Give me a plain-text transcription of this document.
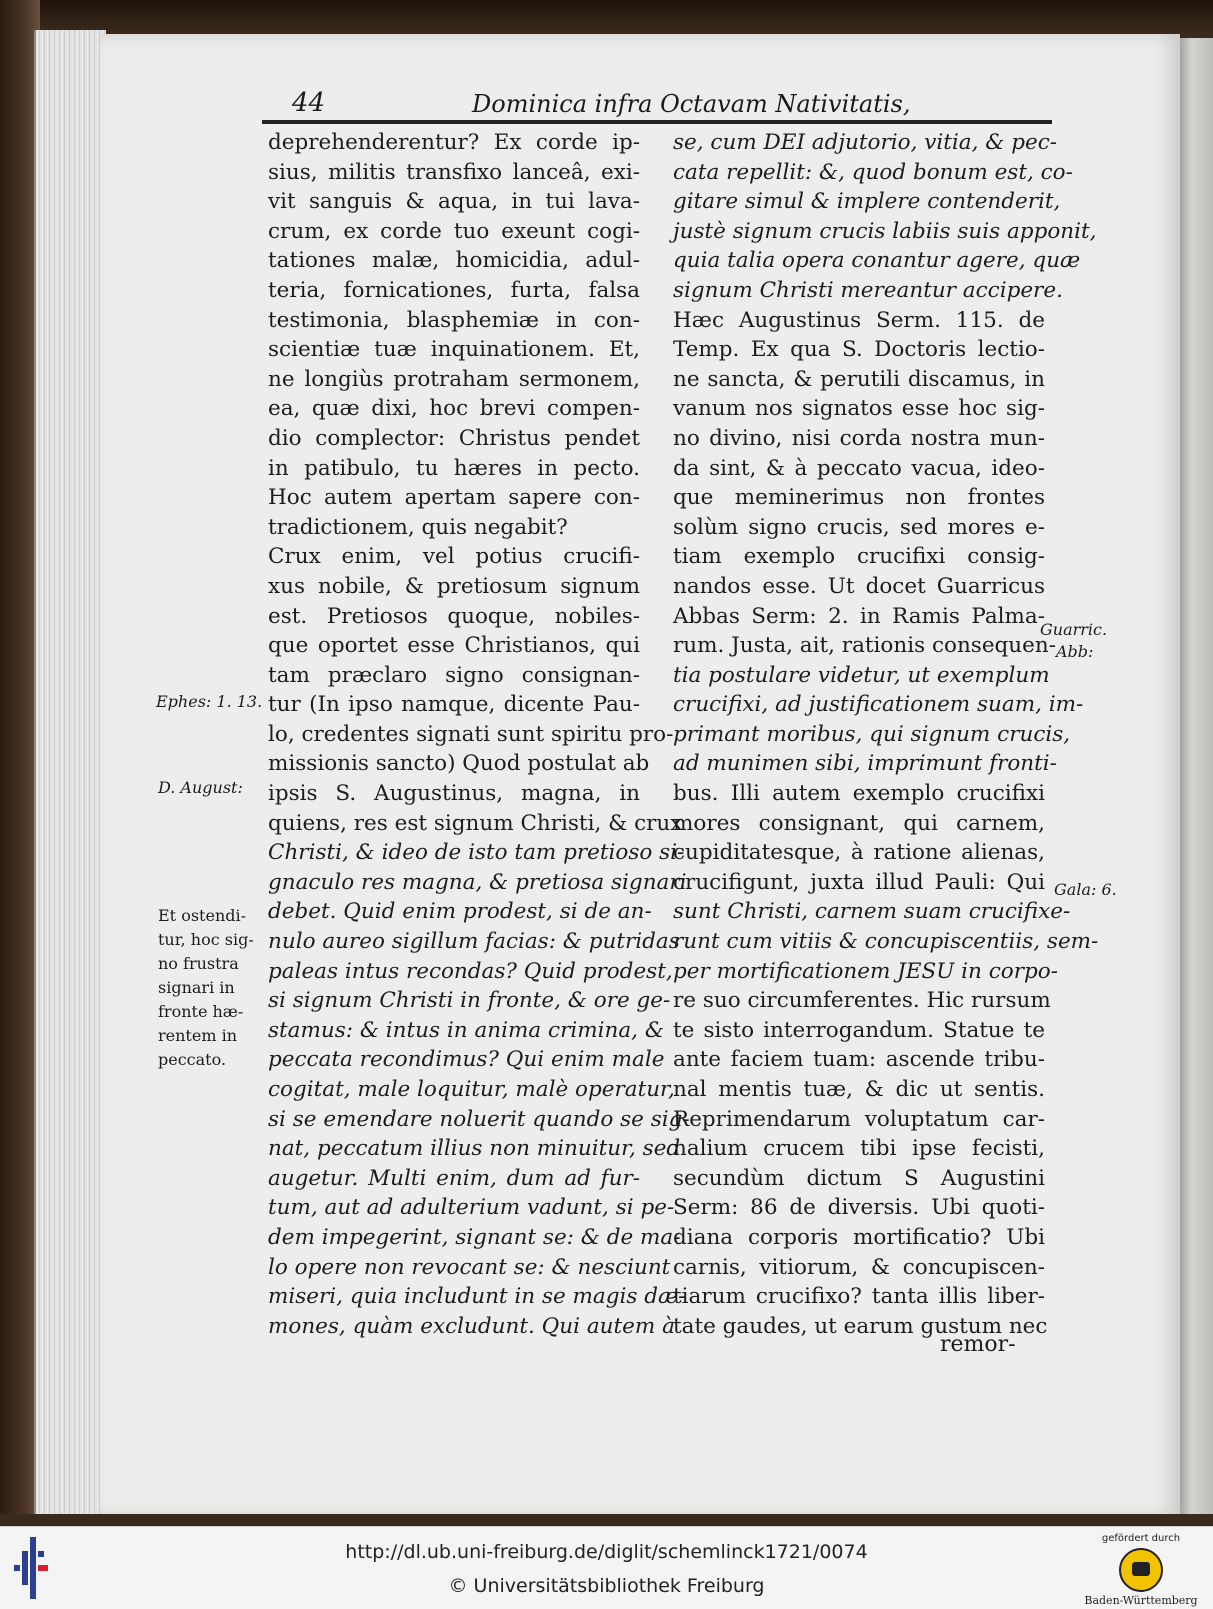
44	Dominica infra Octavam Nativitatis,
deprehenderentur? Ex corde ip-
sius, militis transfixo lanceâ, exi-
vit sanguis & aqua, in tui lava-
crum, ex corde tuo exeunt cogi-
tationes malæ, homicidia, adul-
teria, fornicationes, furta, falsa
testimonia, blasphemiæ in con-
scientiæ tuæ inquinationem. Et,
ne longiùs protraham sermonem,
ea, quæ dixi, hoc brevi compen-
dio complector: Christus pendet
in patibulo, tu hæres in pecto.
Hoc autem apertam sapere con-
tradictionem, quis negabit?
Crux enim, vel potius crucifi-
xus nobile, & pretiosum signum
est. Pretiosos quoque, nobiles-
que oportet esse Christianos, qui
tam præclaro signo consignan-
tur (In ipso namque, dicente Pau-
lo, credentes signati sunt spiritu pro-
missionis sancto) Quod postulat ab
ipsis S. Augustinus, magna, in
quiens, res est signum Christi, & crux
Christi, & ideo de isto tam pretioso si-
gnaculo res magna, & pretiosa signari
debet. Quid enim prodest, si de an-
nulo aureo sigillum facias: & putridas
paleas intus recondas? Quid prodest,
si signum Christi in fronte, & ore ge-
stamus: & intus in anima crimina, &
peccata recondimus? Qui enim male
cogitat, male loquitur, malè operatur,
si se emendare noluerit quando se sig-
nat, peccatum illius non minuitur, sed
augetur. Multi enim, dum ad fur-
tum, aut ad adulterium vadunt, si pe-
dem impegerint, signant se: & de ma-
lo opere non revocant se: & nesciunt
miseri, quia includunt in se magis dæ-
mones, quàm excludunt. Qui autem à
se, cum DEI adjutorio, vitia, & pec-
cata repellit: &, quod bonum est, co-
gitare simul & implere contenderit,
justè signum crucis labiis suis apponit,
quia talia opera conantur agere, quæ
signum Christi mereantur accipere.
Hæc Augustinus Serm. 115. de
Temp. Ex qua S. Doctoris lectio-
ne sancta, & perutili discamus, in
vanum nos signatos esse hoc sig-
no divino, nisi corda nostra mun-
da sint, & à peccato vacua, ideo-
que meminerimus non frontes
solùm signo crucis, sed mores e-
tiam exemplo crucifixi consig-
nandos esse. Ut docet Guarricus
Abbas Serm: 2. in Ramis Palma-
rum. Justa, ait, rationis consequen-
tia postulare videtur, ut exemplum
crucifixi, ad justificationem suam, im-
primant moribus, qui signum crucis,
ad munimen sibi, imprimunt fronti-
bus. Illi autem exemplo crucifixi
mores consignant, qui carnem,
cupiditatesque, à ratione alienas,
crucifigunt, juxta illud Pauli: Qui
sunt Christi, carnem suam crucifixe-
runt cum vitiis & concupiscentiis, sem-
per mortificationem JESU in corpo-
re suo circumferentes. Hic rursum
te sisto interrogandum. Statue te
ante faciem tuam: ascende tribu-
nal mentis tuæ, & dic ut sentis.
Reprimendarum voluptatum car-
nalium crucem tibi ipse fecisti,
secundùm dictum S Augustini
Serm: 86 de diversis. Ubi quoti-
diana corporis mortificatio? Ubi
carnis, vitiorum, & concupiscen-
tiarum crucifixo? tanta illis liber-
tate gaudes, ut earum gustum nec
remor-
Ephes: 1. 13.
D. August:
Guarric.
Abb:
Gala: 6.
Et ostendi-
tur, hoc sig-
no frustra
signari in
fronte hæ-
rentem in
peccato.
http://dl.ub.uni-freiburg.de/diglit/schemlinck1721/0074
© Universitätsbibliothek Freiburg
gefördert durch
Baden-Württemberg
